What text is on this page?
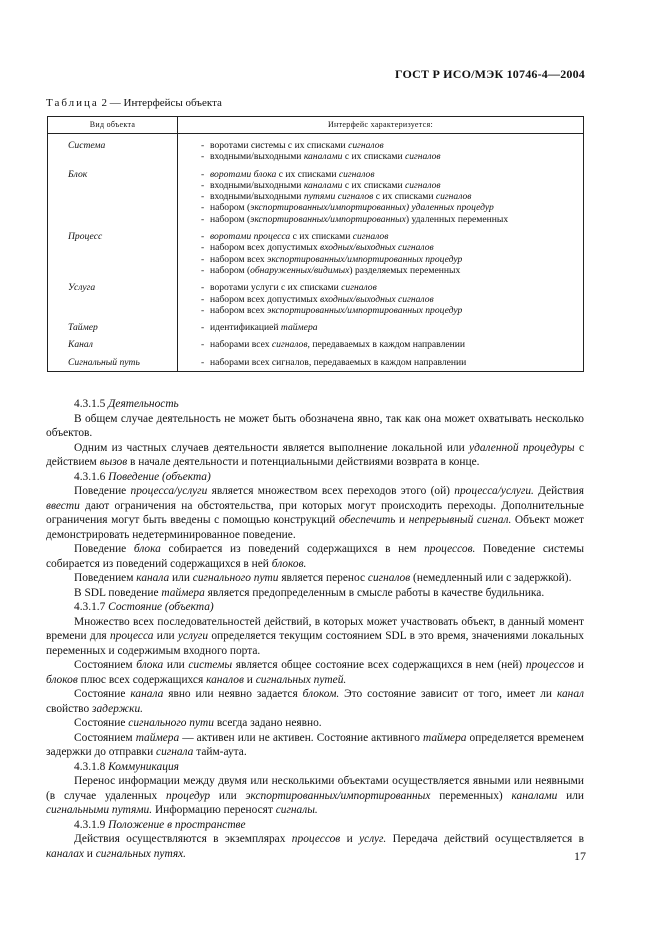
ГОСТ Р ИСО/МЭК 10746-4—2004
Таблица 2 — Интерфейсы объекта
Вид объекта	Интерфейс характеризуется:
Система	- воротами системы с их списками сигналов
- входными/выходными каналами с их списками сигналов

Блок	- воротами блока с их списками сигналов
- входными/выходными каналами с их списками сигналов
- входными/выходными путями сигналов с их списками сигналов
- набором (экспортированных/импортированных) удаленных процедур
- набором (экспортированных/импортированных) удаленных переменных

Процесс	- воротами процесса с их списками сигналов
- набором всех допустимых входных/выходных сигналов
- набором всех экспортированных/импортированных процедур
- набором (обнаруженных/видимых) разделяемых переменных

Услуга	- воротами услуги с их списками сигналов
- набором всех допустимых входных/выходных сигналов
- набором всех экспортированных/импортированных процедур

Таймер	- идентификацией таймера

Канал	- наборами всех сигналов, передаваемых в каждом направлении

Сигнальный путь	- наборами всех сигналов, передаваемых в каждом направлении

4.3.1.5 Деятельность

В общем случае деятельность не может быть обозначена явно, так как она может охватывать несколько объектов.

Одним из частных случаев деятельности является выполнение локальной или удаленной процедуры с действием вызов в начале деятельности и потенциальными действиями возврата в конце.

4.3.1.6 Поведение (объекта)

Поведение процесса/услуги является множеством всех переходов этого (ой) процесса/услуги. Действия ввести дают ограничения на обстоятельства, при которых могут происходить переходы. Дополнительные ограничения могут быть введены с помощью конструкций обеспечить и непрерывный сигнал. Объект может демонстрировать недетерминированное поведение.

Поведение блока собирается из поведений содержащихся в нем процессов. Поведение системы собирается из поведений содержащихся в ней блоков.

Поведением канала или сигнального пути является перенос сигналов (немедленный или с задержкой).

В SDL поведение таймера является предопределенным в смысле работы в качестве будильника.

4.3.1.7 Состояние (объекта)

Множество всех последовательностей действий, в которых может участвовать объект, в данный момент времени для процесса или услуги определяется текущим состоянием SDL в это время, значениями локальных переменных и содержимым входного порта.

Состоянием блока или системы является общее состояние всех содержащихся в нем (ней) процессов и блоков плюс всех содержащихся каналов и сигнальных путей.

Состояние канала явно или неявно задается блоком. Это состояние зависит от того, имеет ли канал свойство задержки.

Состояние сигнального пути всегда задано неявно.

Состоянием таймера — активен или не активен. Состояние активного таймера определяется временем задержки до отправки сигнала тайм-аута.

4.3.1.8 Коммуникация

Перенос информации между двумя или несколькими объектами осуществляется явными или неявными (в случае удаленных процедур или экспортированных/импортированных переменных) каналами или сигнальными путями. Информацию переносят сигналы.

4.3.1.9 Положение в пространстве

Действия осуществляются в экземплярах процессов и услуг. Передача действий осуществляется в каналах и сигнальных путях.	17
